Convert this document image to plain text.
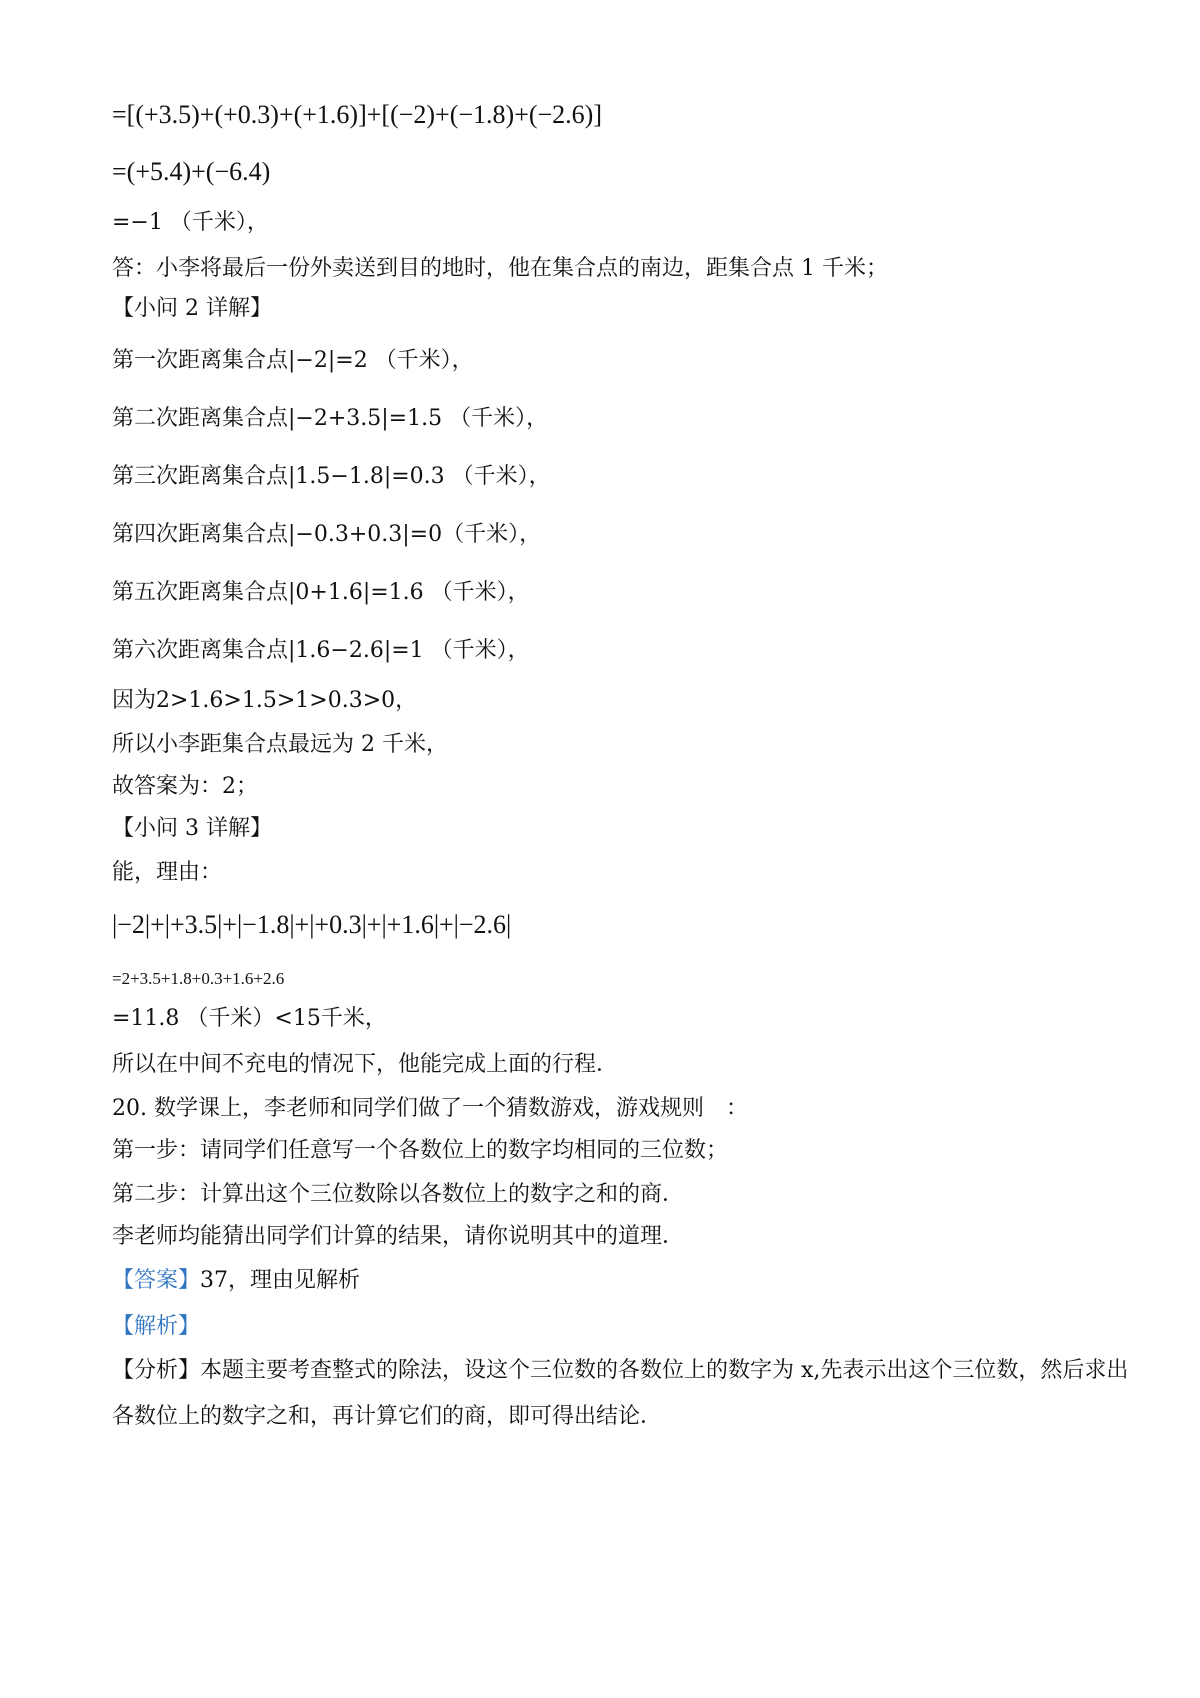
=[(+3.5)+(+0.3)+(+1.6)]+[(−2)+(−1.8)+(−2.6)]
=(+5.4)+(−6.4)
=−1 （千米），
答：小李将最后一份外卖送到目的地时，他在集合点的南边，距集合点 1 千米；
【小问 2 详解】
第一次距离集合点|−2|=2 （千米），
第二次距离集合点|−2+3.5|=1.5 （千米），
第三次距离集合点|1.5−1.8|=0.3 （千米），
第四次距离集合点|−0.3+0.3|=0（千米），
第五次距离集合点|0+1.6|=1.6 （千米），
第六次距离集合点|1.6−2.6|=1 （千米），
因为2>1.6>1.5>1>0.3>0，
所以小李距集合点最远为 2 千米，
故答案为：2；
【小问 3 详解】
能，理由：
|−2|+|+3.5|+|−1.8|+|+0.3|+|+1.6|+|−2.6|
=2+3.5+1.8+0.3+1.6+2.6
=11.8 （千米）<15千米，
所以在中间不充电的情况下，他能完成上面的行程．
20. 数学课上，李老师和同学们做了一个猜数游戏，游戏规则　：
第一步：请同学们任意写一个各数位上的数字均相同的三位数；
第二步：计算出这个三位数除以各数位上的数字之和的商．
李老师均能猜出同学们计算的结果，请你说明其中的道理．
【答案】37，理由见解析
【解析】
【分析】本题主要考查整式的除法，设这个三位数的各数位上的数字为 x,先表示出这个三位数，然后求出
各数位上的数字之和，再计算它们的商，即可得出结论．
